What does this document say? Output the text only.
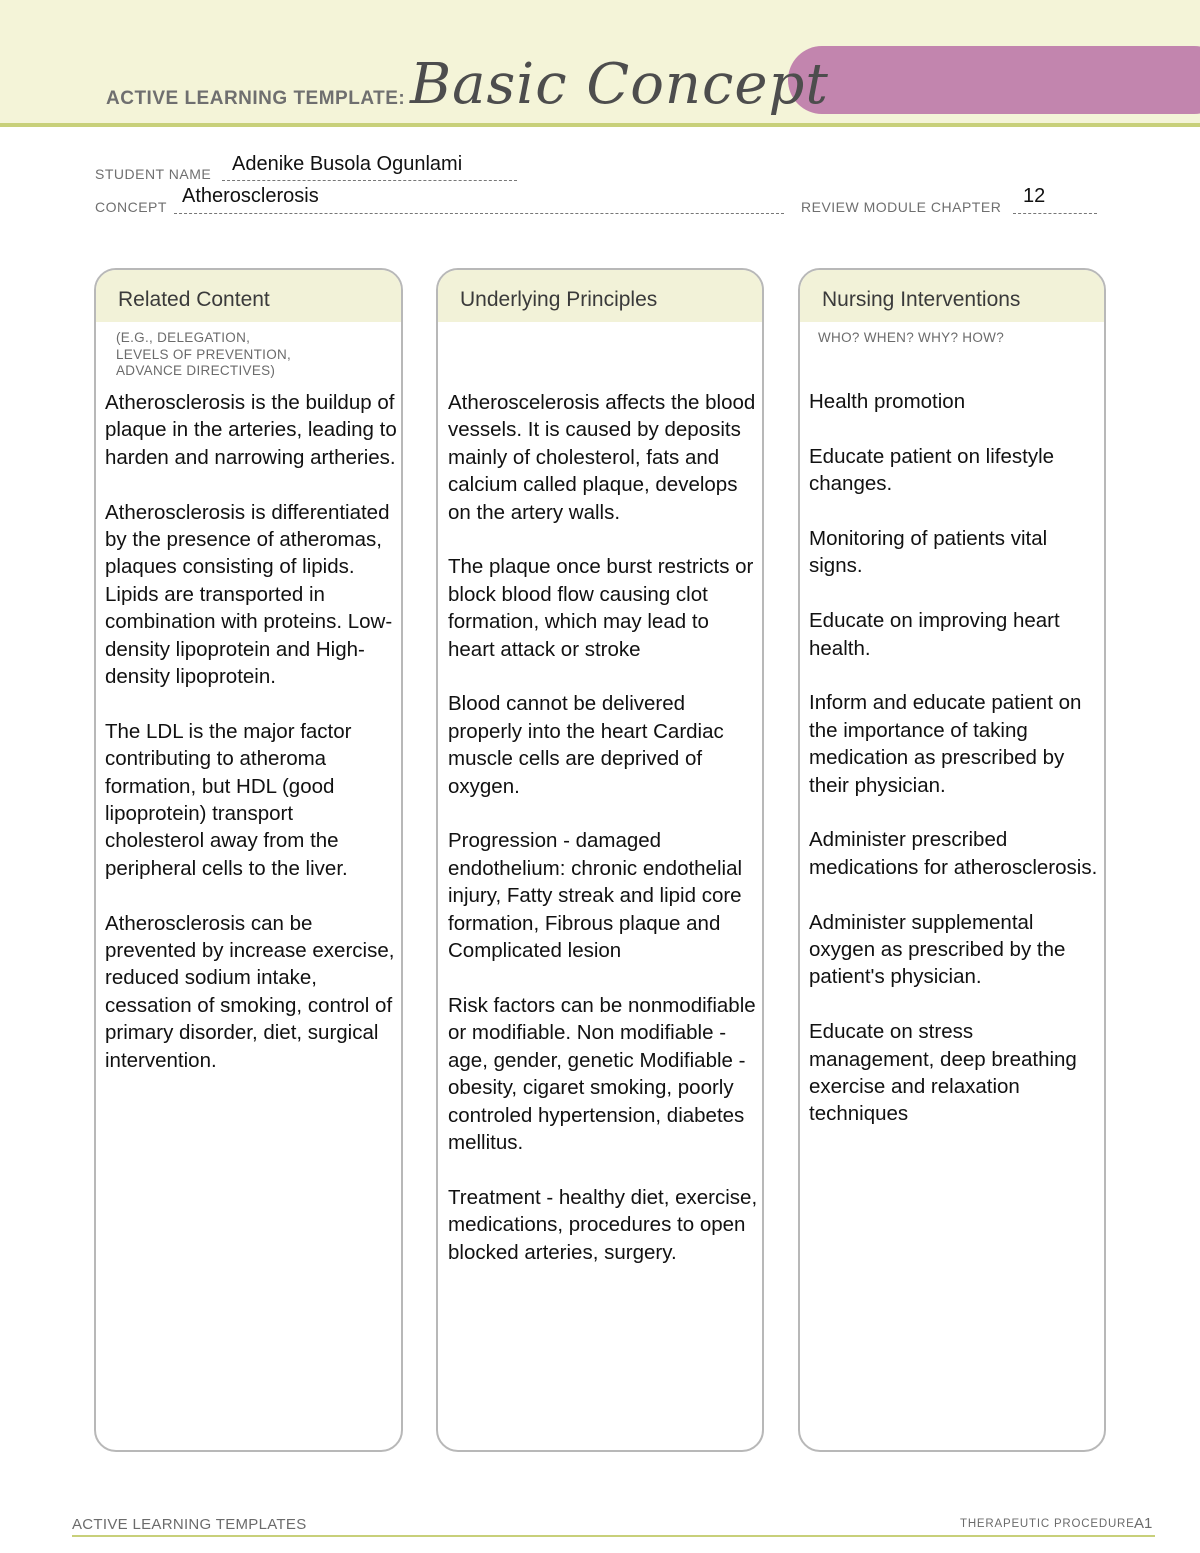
ACTIVE LEARNING TEMPLATE: Basic Concept
STUDENT NAME Adenike Busola Ogunlami
CONCEPT Atherosclerosis	REVIEW MODULE CHAPTER 12
Related Content
(E.G., DELEGATION,
LEVELS OF PREVENTION,
ADVANCE DIRECTIVES)

Atherosclerosis is the buildup of plaque in the arteries, leading to harden and narrowing artheries.

Atherosclerosis is differentiated by the presence of atheromas, plaques consisting of lipids. Lipids are transported in combination with proteins. Low-density lipoprotein and High-density lipoprotein.

The LDL is the major factor contributing to atheroma formation, but HDL (good lipoprotein) transport cholesterol away from the peripheral cells to the liver.

Atherosclerosis can be prevented by increase exercise, reduced sodium intake, cessation of smoking, control of primary disorder, diet, surgical intervention.

Underlying Principles

Atheroscelerosis affects the blood vessels. It is caused by deposits mainly of cholesterol, fats and calcium called plaque, develops on the artery walls.

The plaque once burst restricts or block blood flow causing clot formation, which may lead to heart attack or stroke

Blood cannot be delivered properly into the heart Cardiac muscle cells are deprived of oxygen.

Progression - damaged endothelium: chronic endothelial injury, Fatty streak and lipid core formation, Fibrous plaque and Complicated lesion

Risk factors can be nonmodifiable or modifiable. Non modifiable - age, gender, genetic Modifiable - obesity, cigaret smoking, poorly controled hypertension, diabetes mellitus.

Treatment - healthy diet, exercise, medications, procedures to open blocked arteries, surgery.

Nursing Interventions
WHO? WHEN? WHY? HOW?

Health promotion

Educate patient on lifestyle changes.

Monitoring of patients vital signs.

Educate on improving heart health.

Inform and educate patient on the importance of taking medication as prescribed by their physician.

Administer prescribed medications for atherosclerosis.

Administer supplemental oxygen as prescribed by the patient's physician.

Educate on stress management, deep breathing exercise and relaxation techniques

ACTIVE LEARNING TEMPLATES	THERAPEUTIC PROCEDURE A1
